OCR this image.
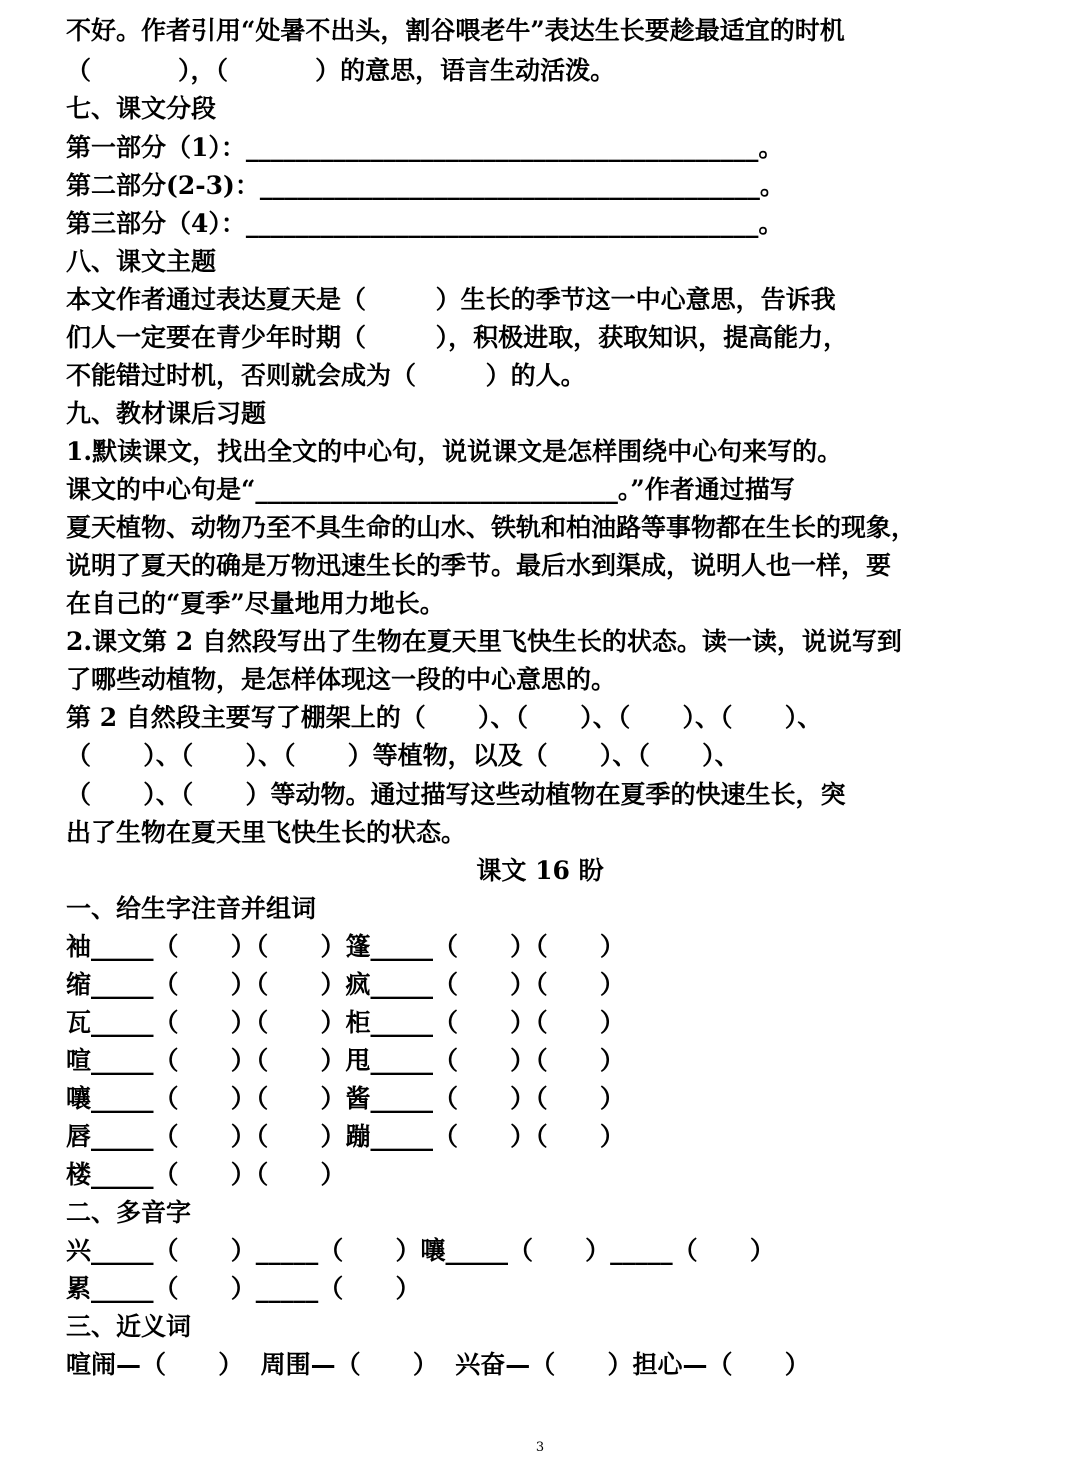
不好。作者引用“处暑不出头，割谷喂老牛”表达生长要趁最适宜的时机

（          ），（          ）的意思，语言生动活泼。

七、课文分段

第一部分（1）：_________________________________________。

第二部分(2-3)：________________________________________。

第三部分（4）：_________________________________________。

八、课文主题

本文作者通过表达夏天是（        ）生长的季节这一中心意思，告诉我

们人一定要在青少年时期（        ），积极进取，获取知识，提高能力，

不能错过时机，否则就会成为（        ）的人。

九、教材课后习题

1.默读课文，找出全文的中心句，说说课文是怎样围绕中心句来写的。

课文的中心句是“_____________________________。”作者通过描写

夏天植物、动物乃至不具生命的山水、铁轨和柏油路等事物都在生长的现象，

说明了夏天的确是万物迅速生长的季节。最后水到渠成，说明人也一样，要

在自己的“夏季”尽量地用力地长。

2.课文第 2 自然段写出了生物在夏天里飞快生长的状态。读一读，说说写到

了哪些动植物，是怎样体现这一段的中心意思的。

第 2 自然段主要写了棚架上的（      ）、（      ）、（      ）、（      ）、

（      ）、（      ）、（      ）等植物，以及（      ）、（      ）、

（      ）、（      ）等动物。通过描写这些动植物在夏季的快速生长，突

出了生物在夏天里飞快生长的状态。

课文 16 盼

一、给生字注音并组词

袖_____（      ）（      ）篷_____（      ）（      ）

缩_____（      ）（      ）疯_____（      ）（      ）

瓦_____（      ）（      ）柜_____（      ）（      ）

喧_____（      ）（      ）甩_____（      ）（      ）

嚷_____（      ）（      ）酱_____（      ）（      ）

唇_____（      ）（      ）蹦_____（      ）（      ）

楼_____（      ）（      ）

二、多音字

兴_____（      ）_____（      ）嚷_____（      ）_____（      ）

累_____（      ）_____（      ）

三、近义词

喧闹—（      ）  周围—（      ）  兴奋—（      ）担心—（      ）

3
